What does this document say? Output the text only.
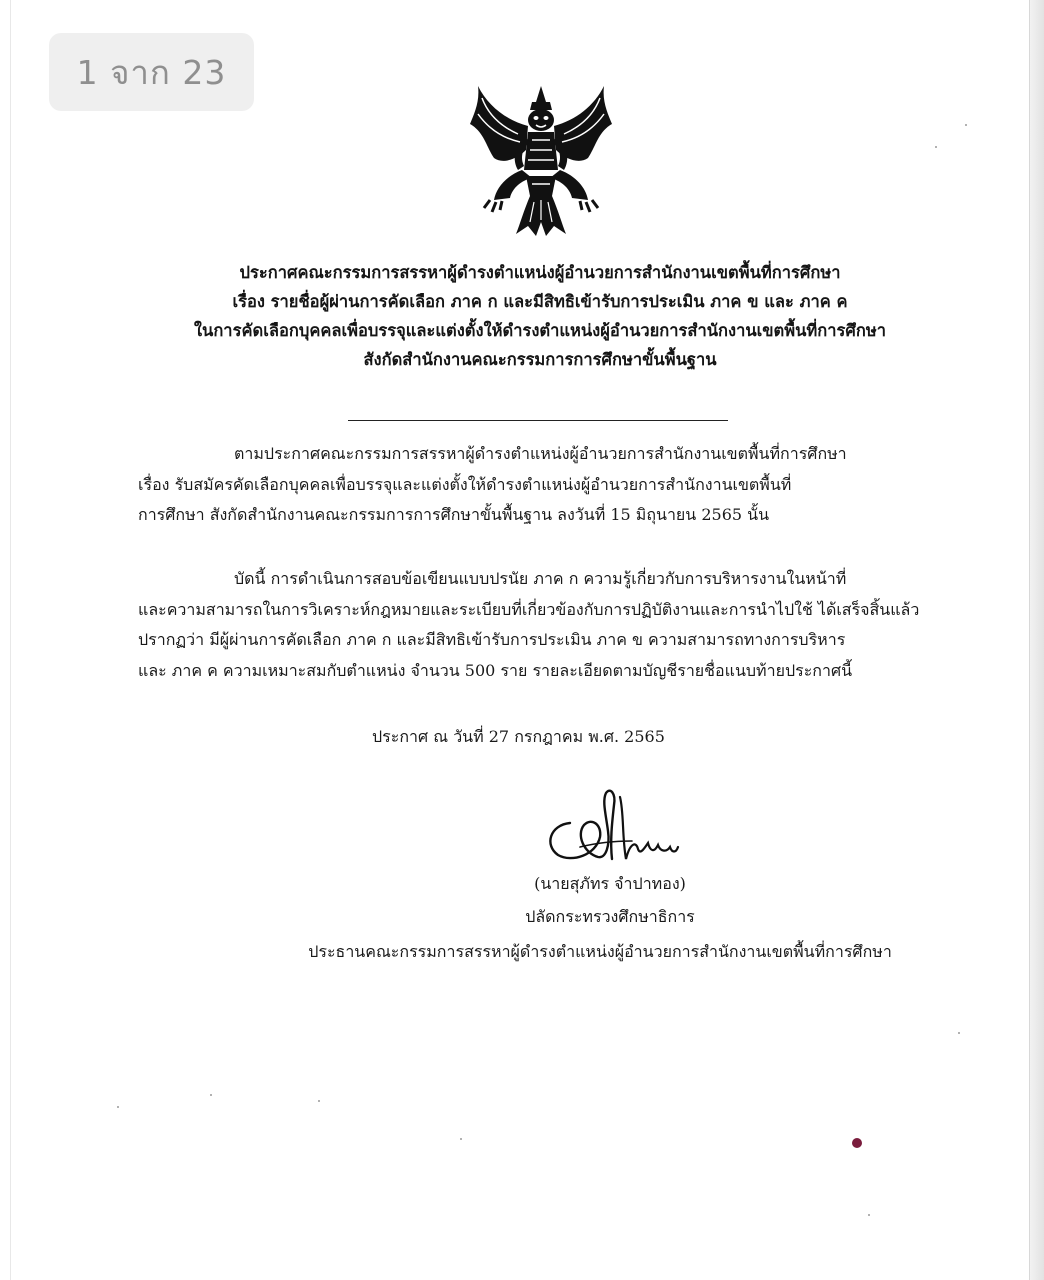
1 จาก 23
ประกาศคณะกรรมการสรรหาผู้ดำรงตำแหน่งผู้อำนวยการสำนักงานเขตพื้นที่การศึกษา
เรื่อง รายชื่อผู้ผ่านการคัดเลือก ภาค ก และมีสิทธิเข้ารับการประเมิน ภาค ข และ ภาค ค
ในการคัดเลือกบุคคลเพื่อบรรจุและแต่งตั้งให้ดำรงตำแหน่งผู้อำนวยการสำนักงานเขตพื้นที่การศึกษา
สังกัดสำนักงานคณะกรรมการการศึกษาขั้นพื้นฐาน
ตามประกาศคณะกรรมการสรรหาผู้ดำรงตำแหน่งผู้อำนวยการสำนักงานเขตพื้นที่การศึกษา
เรื่อง รับสมัครคัดเลือกบุคคลเพื่อบรรจุและแต่งตั้งให้ดำรงตำแหน่งผู้อำนวยการสำนักงานเขตพื้นที่
การศึกษา สังกัดสำนักงานคณะกรรมการการศึกษาขั้นพื้นฐาน ลงวันที่ 15 มิถุนายน 2565 นั้น
บัดนี้ การดำเนินการสอบข้อเขียนแบบปรนัย ภาค ก ความรู้เกี่ยวกับการบริหารงานในหน้าที่
และความสามารถในการวิเคราะห์กฎหมายและระเบียบที่เกี่ยวข้องกับการปฏิบัติงานและการนำไปใช้ ได้เสร็จสิ้นแล้ว
ปรากฏว่า มีผู้ผ่านการคัดเลือก ภาค ก และมีสิทธิเข้ารับการประเมิน ภาค ข ความสามารถทางการบริหาร
และ ภาค ค ความเหมาะสมกับตำแหน่ง จำนวน 500 ราย รายละเอียดตามบัญชีรายชื่อแนบท้ายประกาศนี้
ประกาศ ณ วันที่ 27 กรกฎาคม พ.ศ. 2565
(นายสุภัทร จำปาทอง)
ปลัดกระทรวงศึกษาธิการ
ประธานคณะกรรมการสรรหาผู้ดำรงตำแหน่งผู้อำนวยการสำนักงานเขตพื้นที่การศึกษา
